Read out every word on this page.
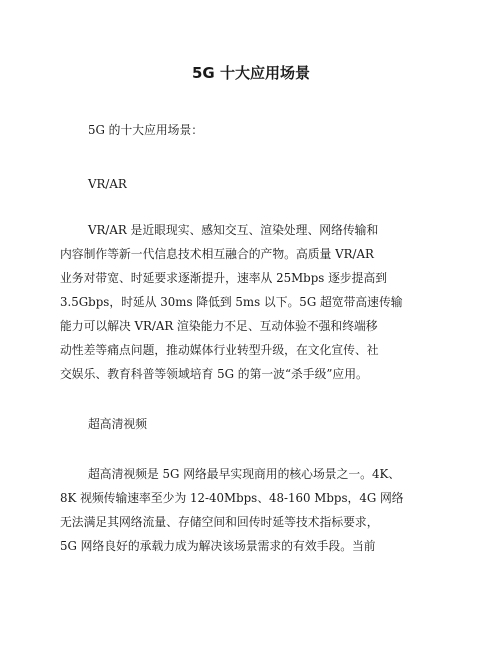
5G 十大应用场景
5G 的十大应用场景：
VR/AR
VR/AR 是近眼现实、感知交互、渲染处理、网络传输和
内容制作等新一代信息技术相互融合的产物。高质量 VR/AR
业务对带宽、时延要求逐渐提升，速率从 25Mbps 逐步提高到
3.5Gbps，时延从 30ms 降低到 5ms 以下。5G 超宽带高速传输
能力可以解决 VR/AR 渲染能力不足、互动体验不强和终端移
动性差等痛点问题，推动媒体行业转型升级，在文化宣传、社
交娱乐、教育科普等领域培育 5G 的第一波“杀手级”应用。
超高清视频
超高清视频是 5G 网络最早实现商用的核心场景之一。4K、
8K 视频传输速率至少为 12-40Mbps、48-160 Mbps，4G 网络
无法满足其网络流量、存储空间和回传时延等技术指标要求，
5G 网络良好的承载力成为解决该场景需求的有效手段。当前
